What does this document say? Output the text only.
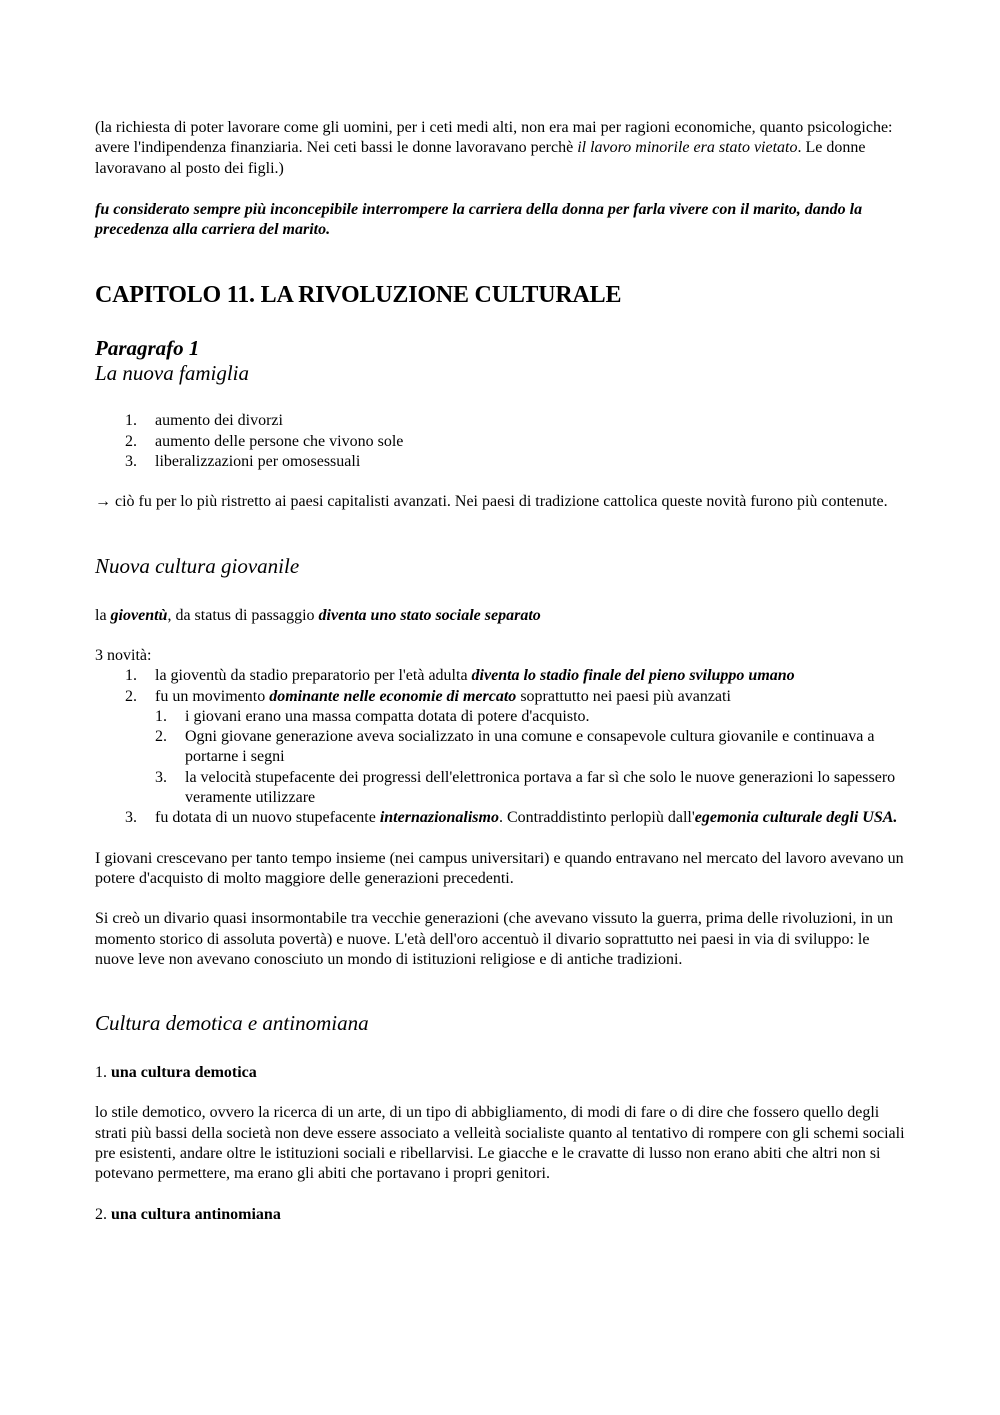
(la richiesta di poter lavorare come gli uomini, per i ceti medi alti, non era mai per ragioni economiche, quanto psicologiche: avere l'indipendenza finanziaria. Nei ceti bassi le donne lavoravano perchè il lavoro minorile era stato vietato. Le donne lavoravano al posto dei figli.)

fu considerato sempre più inconcepibile interrompere la carriera della donna per farla vivere con il marito, dando la precedenza alla carriera del marito.

CAPITOLO 11. LA RIVOLUZIONE CULTURALE
Paragrafo 1
La nuova famiglia
1. aumento dei divorzi
2. aumento delle persone che vivono sole
3. liberalizzazioni per omosessuali

→ ciò fu per lo più ristretto ai paesi capitalisti avanzati. Nei paesi di tradizione cattolica queste novità furono più contenute.

Nuova cultura giovanile

la gioventù, da status di passaggio diventa uno stato sociale separato

3 novità:

1. la gioventù da stadio preparatorio per l'età adulta diventa lo stadio finale del pieno sviluppo umano
2. fu un movimento dominante nelle economie di mercato soprattutto nei paesi più avanzati
1. i giovani erano una massa compatta dotata di potere d'acquisto.
2. Ogni giovane generazione aveva socializzato in una comune e consapevole cultura giovanile e continuava a portarne i segni
3. la velocità stupefacente dei progressi dell'elettronica portava a far sì che solo le nuove generazioni lo sapessero veramente utilizzare
3. fu dotata di un nuovo stupefacente internazionalismo. Contraddistinto perlopiù dall'egemonia culturale degli USA.

I giovani crescevano per tanto tempo insieme (nei campus universitari) e quando entravano nel mercato del lavoro avevano un potere d'acquisto di molto maggiore delle generazioni precedenti.

Si creò un divario quasi insormontabile tra vecchie generazioni (che avevano vissuto la guerra, prima delle rivoluzioni, in un momento storico di assoluta povertà) e nuove. L'età dell'oro accentuò il divario soprattutto nei paesi in via di sviluppo: le nuove leve non avevano conosciuto un mondo di istituzioni religiose e di antiche tradizioni.

Cultura demotica e antinomiana

1. una cultura demotica

lo stile demotico, ovvero la ricerca di un arte, di un tipo di abbigliamento, di modi di fare o di dire che fossero quello degli strati più bassi della società non deve essere associato a velleità socialiste quanto al tentativo di rompere con gli schemi sociali pre esistenti, andare oltre le istituzioni sociali e ribellarvisi. Le giacche e le cravatte di lusso non erano abiti che altri non si potevano permettere, ma erano gli abiti che portavano i propri genitori.

2. una cultura antinomiana
